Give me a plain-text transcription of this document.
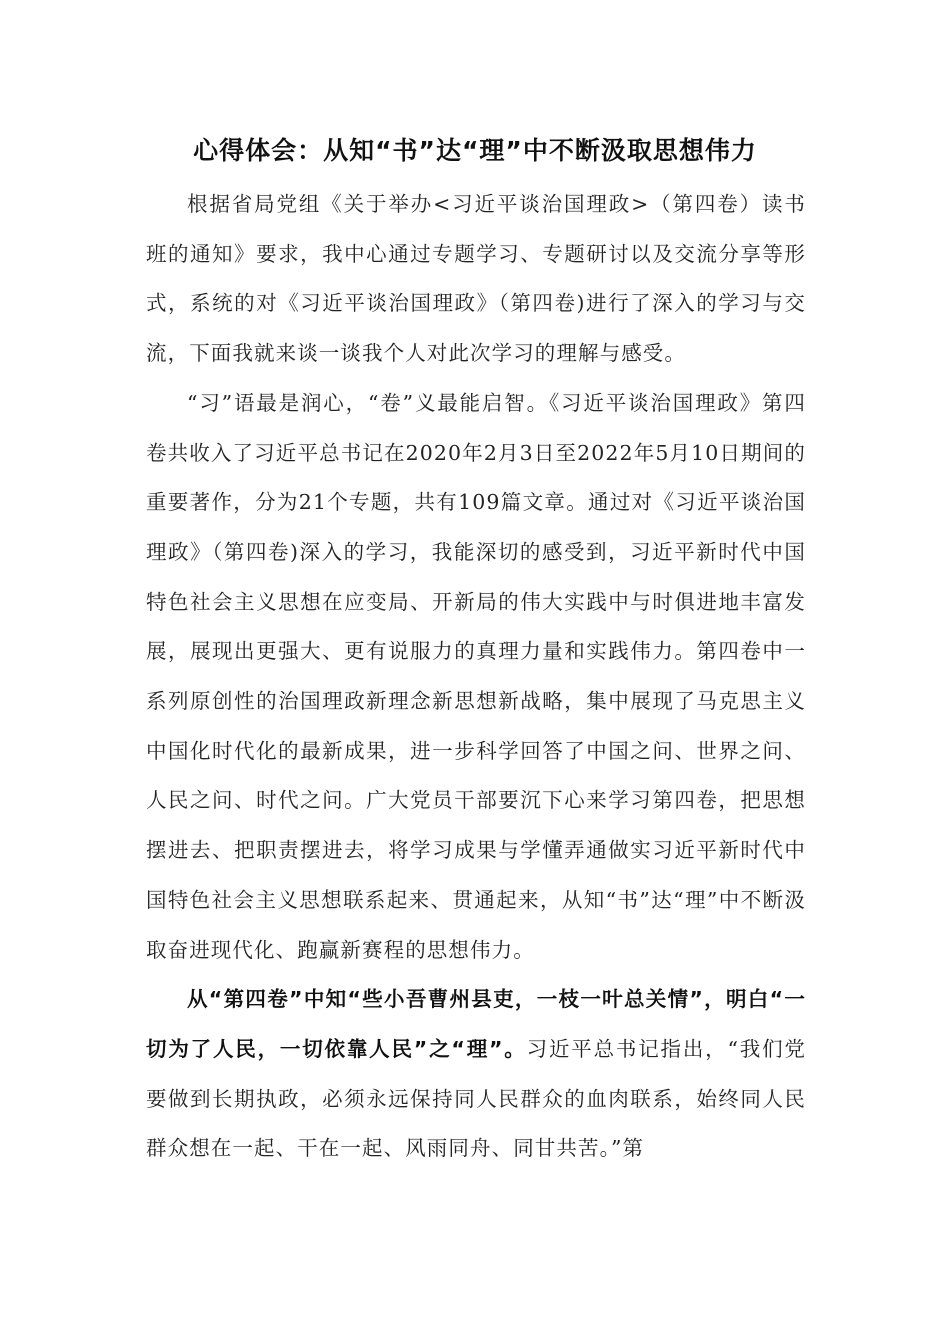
心得体会：从知“书”达“理”中不断汲取思想伟力

根据省局党组《关于举办<习近平谈治国理政>（第四卷）读书班的通知》要求，我中心通过专题学习、专题研讨以及交流分享等形式，系统的对《习近平谈治国理政》（第四卷)进行了深入的学习与交流，下面我就来谈一谈我个人对此次学习的理解与感受。

“习”语最是润心，“卷”义最能启智。《习近平谈治国理政》第四卷共收入了习近平总书记在2020年2月3日至2022年5月10日期间的重要著作，分为21个专题，共有109篇文章。通过对《习近平谈治国理政》（第四卷)深入的学习，我能深切的感受到，习近平新时代中国特色社会主义思想在应变局、开新局的伟大实践中与时俱进地丰富发展，展现出更强大、更有说服力的真理力量和实践伟力。第四卷中一系列原创性的治国理政新理念新思想新战略，集中展现了马克思主义中国化时代化的最新成果，进一步科学回答了中国之问、世界之问、人民之问、时代之问。广大党员干部要沉下心来学习第四卷，把思想摆进去、把职责摆进去，将学习成果与学懂弄通做实习近平新时代中国特色社会主义思想联系起来、贯通起来，从知“书”达“理”中不断汲取奋进现代化、跑赢新赛程的思想伟力。

从“第四卷”中知“些小吾曹州县吏，一枝一叶总关情”，明白“一切为了人民，一切依靠人民”之“理”。习近平总书记指出，“我们党要做到长期执政，必须永远保持同人民群众的血肉联系，始终同人民群众想在一起、干在一起、风雨同舟、同甘共苦。”第
